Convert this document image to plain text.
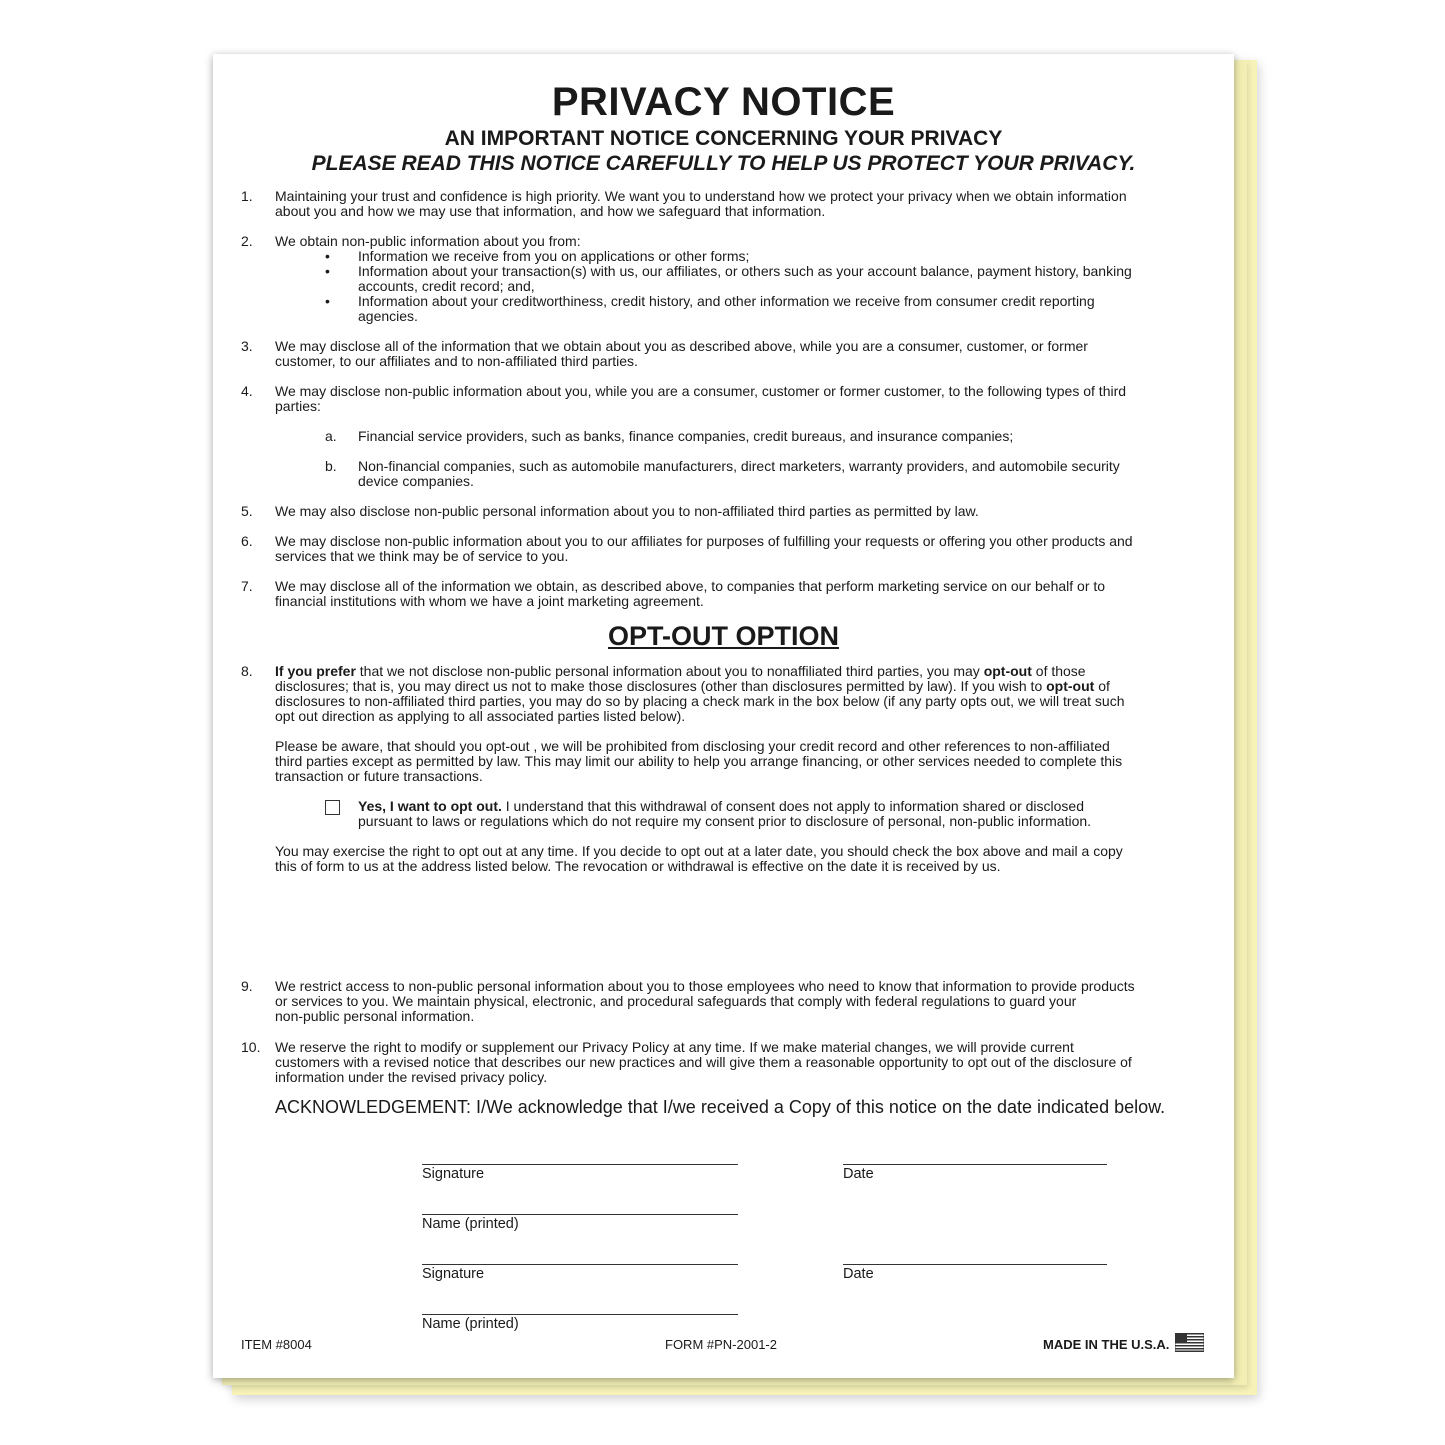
PRIVACY NOTICE
AN IMPORTANT NOTICE CONCERNING YOUR PRIVACY
PLEASE READ THIS NOTICE CAREFULLY TO HELP US PROTECT YOUR PRIVACY.
1. Maintaining your trust and confidence is high priority. We want you to understand how we protect your privacy when we obtain information
about you and how we may use that information, and how we safeguard that information.
2. We obtain non-public information about you from:
• Information we receive from you on applications or other forms;
• Information about your transaction(s) with us, our affiliates, or others such as your account balance, payment history, banking
accounts, credit record; and,
• Information about your creditworthiness, credit history, and other information we receive from consumer credit reporting
agencies.
3. We may disclose all of the information that we obtain about you as described above, while you are a consumer, customer, or former
customer, to our affiliates and to non-affiliated third parties.
4. We may disclose non-public information about you, while you are a consumer, customer or former customer, to the following types of third
parties:
a. Financial service providers, such as banks, finance companies, credit bureaus, and insurance companies;
b. Non-financial companies, such as automobile manufacturers, direct marketers, warranty providers, and automobile security
device companies.
5. We may also disclose non-public personal information about you to non-affiliated third parties as permitted by law.
6. We may disclose non-public information about you to our affiliates for purposes of fulfilling your requests or offering you other products and
services that we think may be of service to you.
7. We may disclose all of the information we obtain, as described above, to companies that perform marketing service on our behalf or to
financial institutions with whom we have a joint marketing agreement.
OPT-OUT OPTION
8. If you prefer that we not disclose non-public personal information about you to nonaffiliated third parties, you may opt-out of those
disclosures; that is, you may direct us not to make those disclosures (other than disclosures permitted by law). If you wish to opt-out of
disclosures to non-affiliated third parties, you may do so by placing a check mark in the box below (if any party opts out, we will treat such
opt out direction as applying to all associated parties listed below).
Please be aware, that should you opt-out , we will be prohibited from disclosing your credit record and other references to non-affiliated
third parties except as permitted by law. This may limit our ability to help you arrange financing, or other services needed to complete this
transaction or future transactions.
Yes, I want to opt out. I understand that this withdrawal of consent does not apply to information shared or disclosed
pursuant to laws or regulations which do not require my consent prior to disclosure of personal, non-public information.
You may exercise the right to opt out at any time. If you decide to opt out at a later date, you should check the box above and mail a copy
this of form to us at the address listed below. The revocation or withdrawal is effective on the date it is received by us.
9. We restrict access to non-public personal information about you to those employees who need to know that information to provide products
or services to you. We maintain physical, electronic, and procedural safeguards that comply with federal regulations to guard your
non-public personal information.
10. We reserve the right to modify or supplement our Privacy Policy at any time. If we make material changes, we will provide current
customers with a revised notice that describes our new practices and will give them a reasonable opportunity to opt out of the disclosure of
information under the revised privacy policy.
ACKNOWLEDGEMENT: I/We acknowledge that I/we received a Copy of this notice on the date indicated below.
Signature	Date
Name (printed)
Signature	Date
Name (printed)
ITEM #8004	FORM #PN-2001-2	MADE IN THE U.S.A.
